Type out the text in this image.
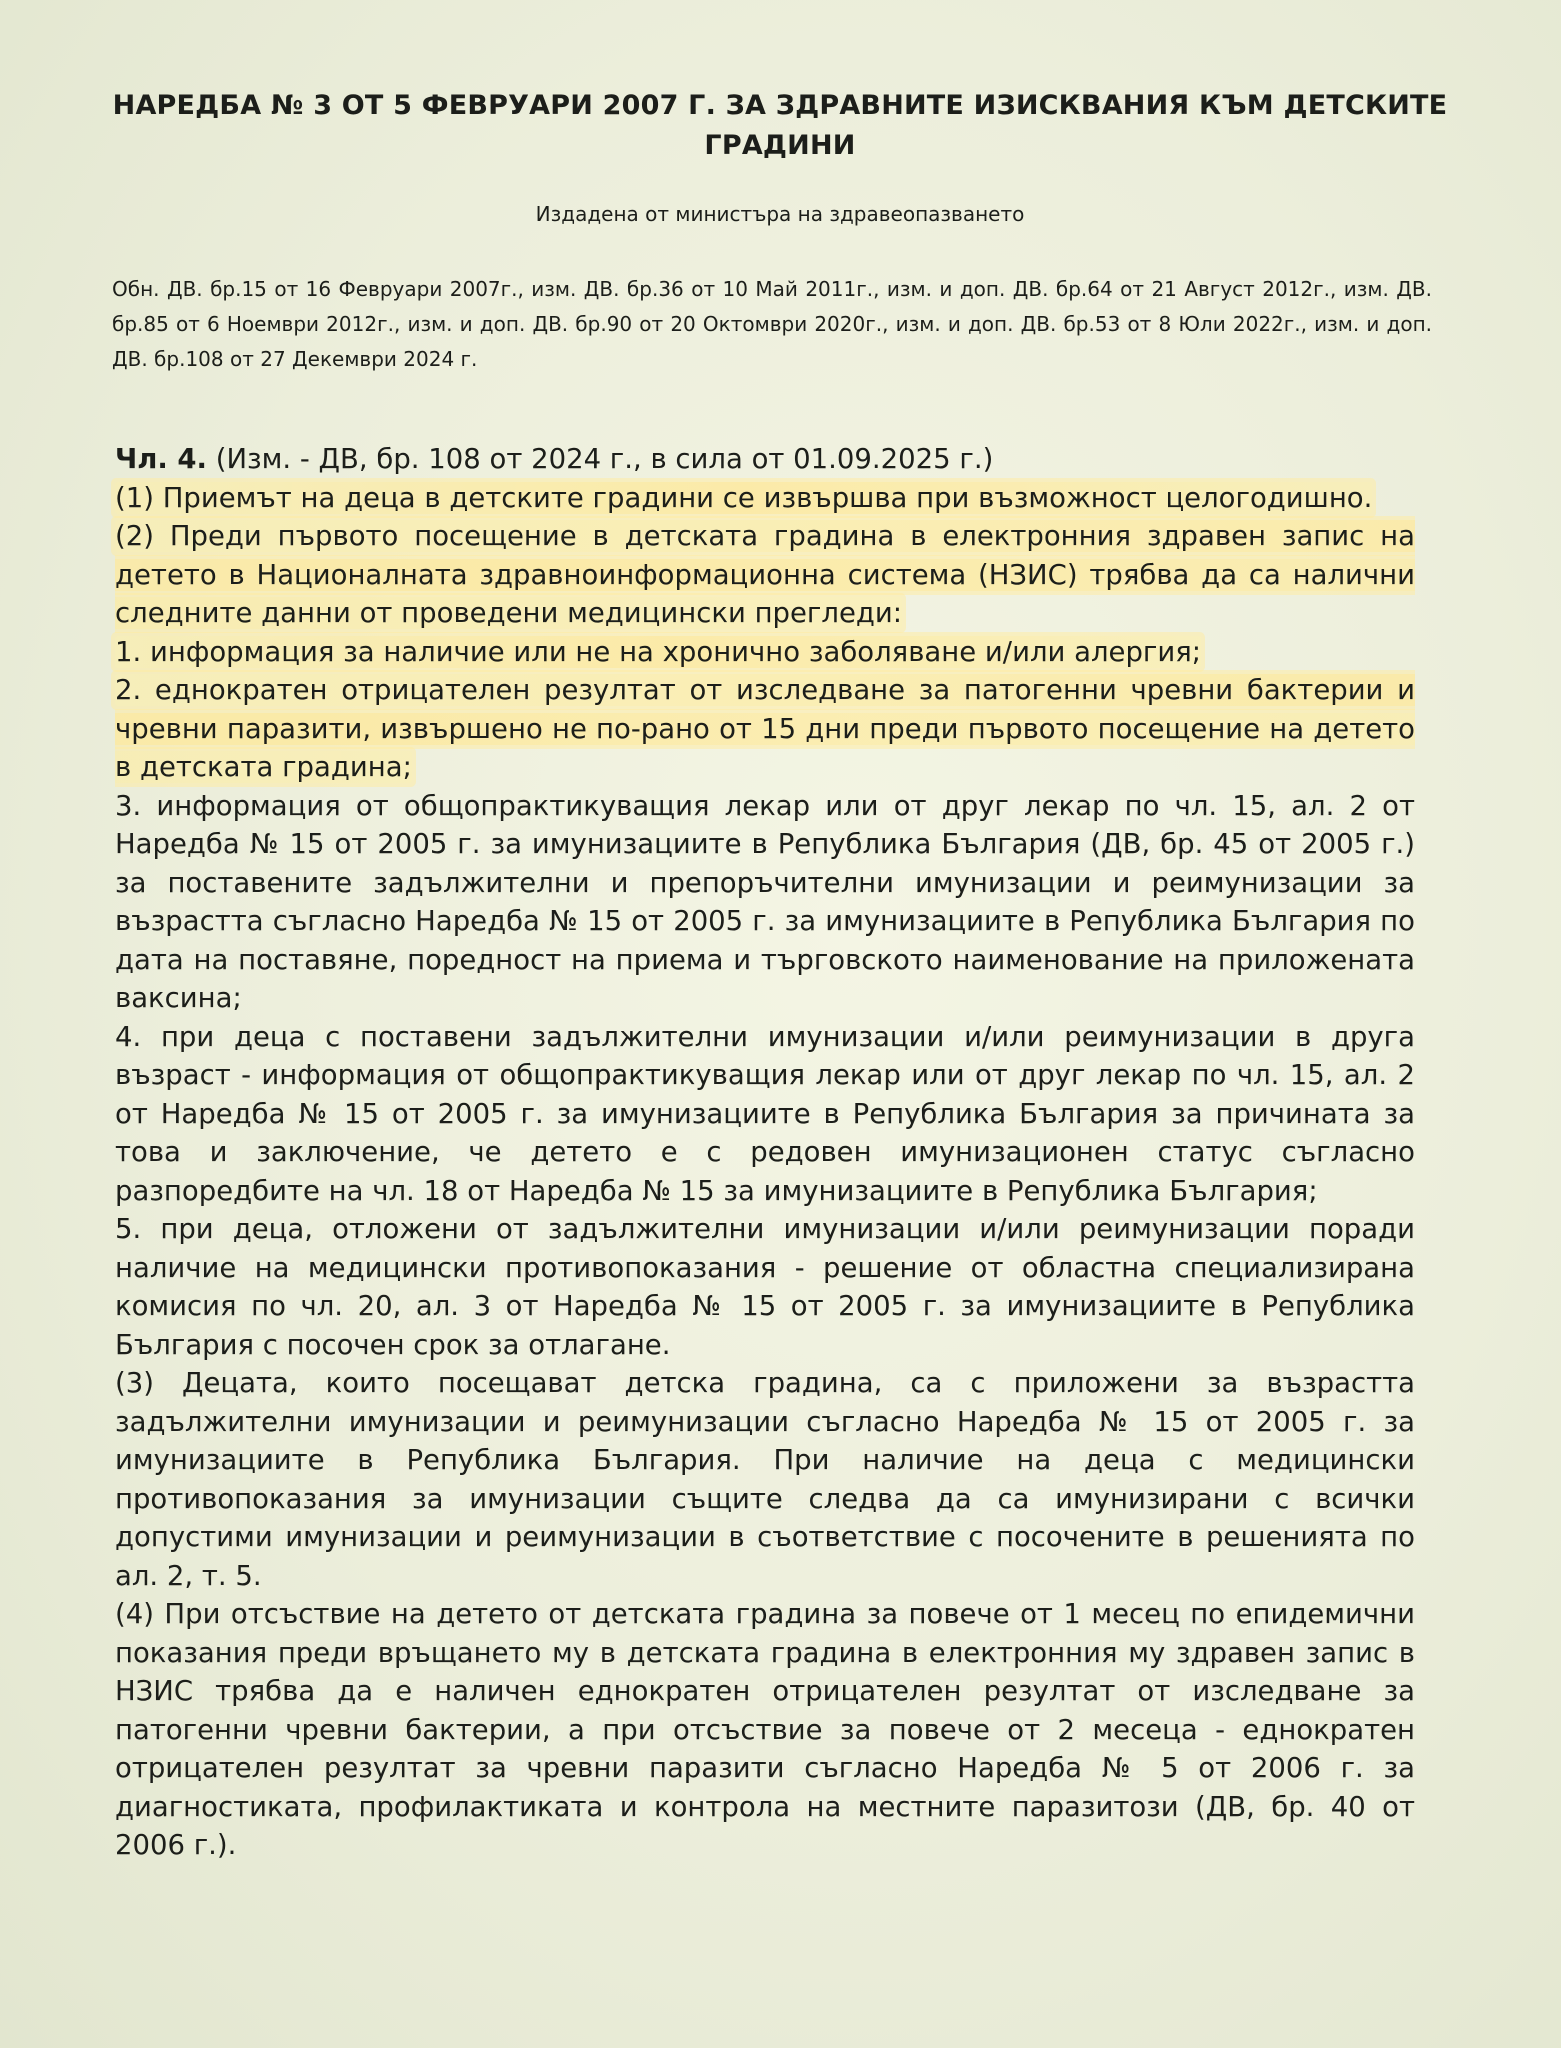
НАРЕДБА № 3 ОТ 5 ФЕВРУАРИ 2007 Г. ЗА ЗДРАВНИТЕ ИЗИСКВАНИЯ КЪМ ДЕТСКИТЕ ГРАДИНИ
Издадена от министъра на здравеопазването
Обн. ДВ. бр.15 от 16 Февруари 2007г., изм. ДВ. бр.36 от 10 Май 2011г., изм. и доп. ДВ. бр.64 от 21 Август 2012г., изм. ДВ. бр.85 от 6 Ноември 2012г., изм. и доп. ДВ. бр.90 от 20 Октомври 2020г., изм. и доп. ДВ. бр.53 от 8 Юли 2022г., изм. и доп. ДВ. бр.108 от 27 Декември 2024 г.

Чл. 4. (Изм. - ДВ, бр. 108 от 2024 г., в сила от 01.09.2025 г.)

(1) Приемът на деца в детските градини се извършва при възможност целогодишно.

(2) Преди първото посещение в детската градина в електронния здравен запис на детето в Националната здравноинформационна система (НЗИС) трябва да са налични следните данни от проведени медицински прегледи:

1. информация за наличие или не на хронично заболяване и/или алергия;

2. еднократен отрицателен резултат от изследване за патогенни чревни бактерии и чревни паразити, извършено не по-рано от 15 дни преди първото посещение на детето в детската градина;

3. информация от общопрактикуващия лекар или от друг лекар по чл. 15, ал. 2 от Наредба № 15 от 2005 г. за имунизациите в Република България (ДВ, бр. 45 от 2005 г.) за поставените задължителни и препоръчителни имунизации и реимунизации за възрастта съгласно Наредба № 15 от 2005 г. за имунизациите в Република България по дата на поставяне, поредност на приема и търговското наименование на приложената ваксина;

4. при деца с поставени задължителни имунизации и/или реимунизации в друга възраст - информация от общопрактикуващия лекар или от друг лекар по чл. 15, ал. 2 от Наредба № 15 от 2005 г. за имунизациите в Република България за причината за това и заключение, че детето е с редовен имунизационен статус съгласно разпоредбите на чл. 18 от Наредба № 15 за имунизациите в Република България;

5. при деца, отложени от задължителни имунизации и/или реимунизации поради наличие на медицински противопоказания - решение от областна специализирана комисия по чл. 20, ал. 3 от Наредба № 15 от 2005 г. за имунизациите в Република България с посочен срок за отлагане.

(3) Децата, които посещават детска градина, са с приложени за възрастта задължителни имунизации и реимунизации съгласно Наредба № 15 от 2005 г. за имунизациите в Република България. При наличие на деца с медицински противопоказания за имунизации същите следва да са имунизирани с всички допустими имунизации и реимунизации в съответствие с посочените в решенията по ал. 2, т. 5.

(4) При отсъствие на детето от детската градина за повече от 1 месец по епидемични показания преди връщането му в детската градина в електронния му здравен запис в НЗИС трябва да е наличен еднократен отрицателен резултат от изследване за патогенни чревни бактерии, а при отсъствие за повече от 2 месеца - еднократен отрицателен резултат за чревни паразити съгласно Наредба № 5 от 2006 г. за диагностиката, профилактиката и контрола на местните паразитози (ДВ, бр. 40 от 2006 г.).
